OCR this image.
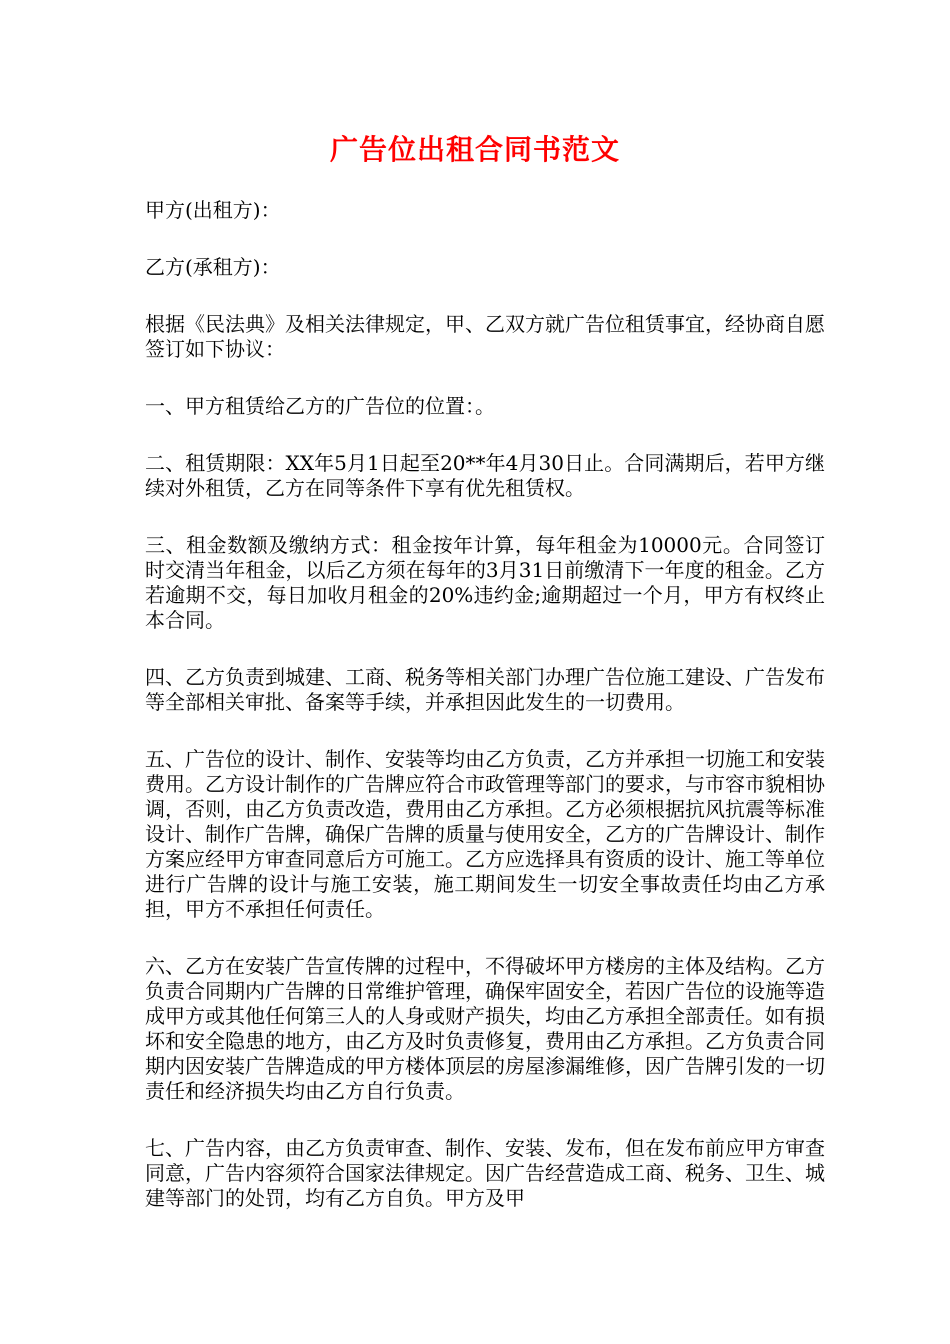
广告位出租合同书范文

甲方(出租方)：

乙方(承租方)：

根据《民法典》及相关法律规定，甲、乙双方就广告位租赁事宜，经协商自愿签订如下协议：

一、甲方租赁给乙方的广告位的位置：。

二、租赁期限：XX年5月1日起至20**年4月30日止。合同满期后，若甲方继续对外租赁，乙方在同等条件下享有优先租赁权。

三、租金数额及缴纳方式：租金按年计算，每年租金为10000元。合同签订时交清当年租金，以后乙方须在每年的3月31日前缴清下一年度的租金。乙方若逾期不交，每日加收月租金的20%违约金;逾期超过一个月，甲方有权终止本合同。

四、乙方负责到城建、工商、税务等相关部门办理广告位施工建设、广告发布等全部相关审批、备案等手续，并承担因此发生的一切费用。

五、广告位的设计、制作、安装等均由乙方负责，乙方并承担一切施工和安装费用。乙方设计制作的广告牌应符合市政管理等部门的要求，与市容市貌相协调，否则，由乙方负责改造，费用由乙方承担。乙方必须根据抗风抗震等标准设计、制作广告牌，确保广告牌的质量与使用安全，乙方的广告牌设计、制作方案应经甲方审查同意后方可施工。乙方应选择具有资质的设计、施工等单位进行广告牌的设计与施工安装，施工期间发生一切安全事故责任均由乙方承担，甲方不承担任何责任。

六、乙方在安装广告宣传牌的过程中，不得破坏甲方楼房的主体及结构。乙方负责合同期内广告牌的日常维护管理，确保牢固安全，若因广告位的设施等造成甲方或其他任何第三人的人身或财产损失，均由乙方承担全部责任。如有损坏和安全隐患的地方，由乙方及时负责修复，费用由乙方承担。乙方负责合同期内因安装广告牌造成的甲方楼体顶层的房屋渗漏维修，因广告牌引发的一切责任和经济损失均由乙方自行负责。

七、广告内容，由乙方负责审查、制作、安装、发布，但在发布前应甲方审查同意，广告内容须符合国家法律规定。因广告经营造成工商、税务、卫生、城建等部门的处罚，均有乙方自负。甲方及甲
